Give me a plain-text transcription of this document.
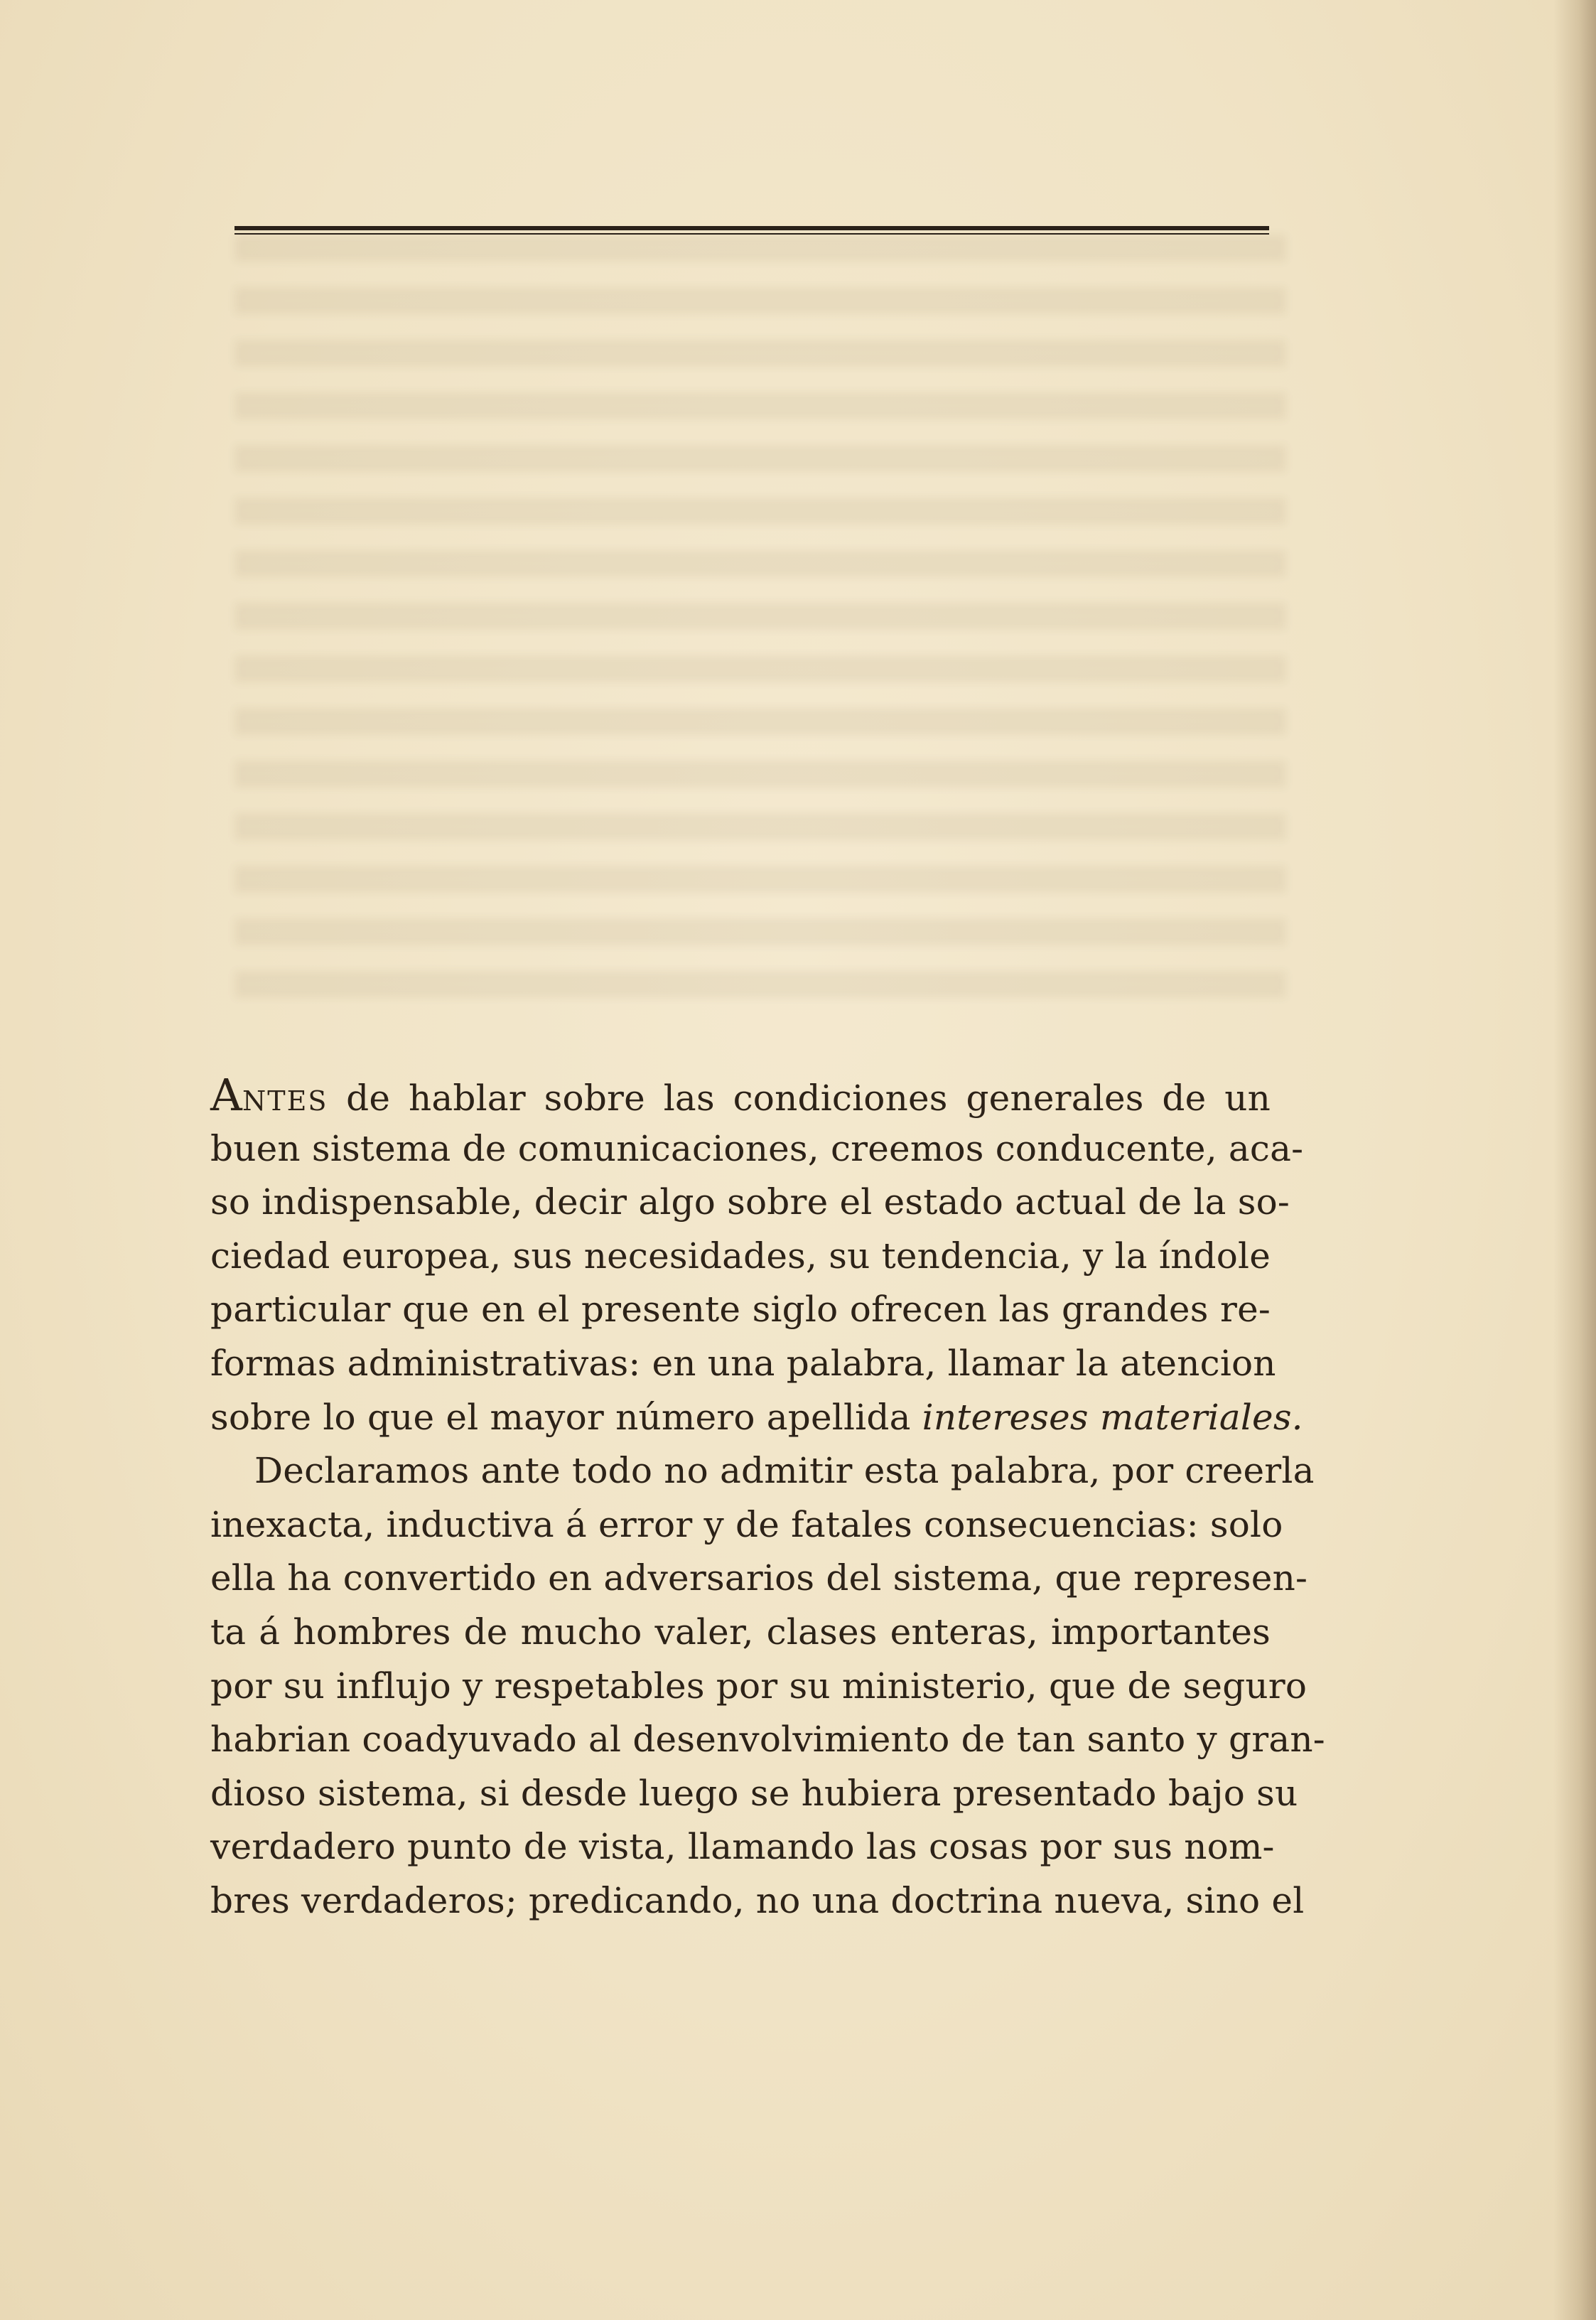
ANTES de hablar sobre las condiciones generales de un
buen sistema de comunicaciones, creemos conducente, aca-
so indispensable, decir algo sobre el estado actual de la so-
ciedad europea, sus necesidades, su tendencia, y la índole
particular que en el presente siglo ofrecen las grandes re-
formas administrativas: en una palabra, llamar la atencion
sobre lo que el mayor número apellida intereses materiales.
Declaramos ante todo no admitir esta palabra, por creerla
inexacta, inductiva á error y de fatales consecuencias: solo
ella ha convertido en adversarios del sistema, que represen-
ta á hombres de mucho valer, clases enteras, importantes
por su influjo y respetables por su ministerio, que de seguro
habrian coadyuvado al desenvolvimiento de tan santo y gran-
dioso sistema, si desde luego se hubiera presentado bajo su
verdadero punto de vista, llamando las cosas por sus nom-
bres verdaderos; predicando, no una doctrina nueva, sino el
